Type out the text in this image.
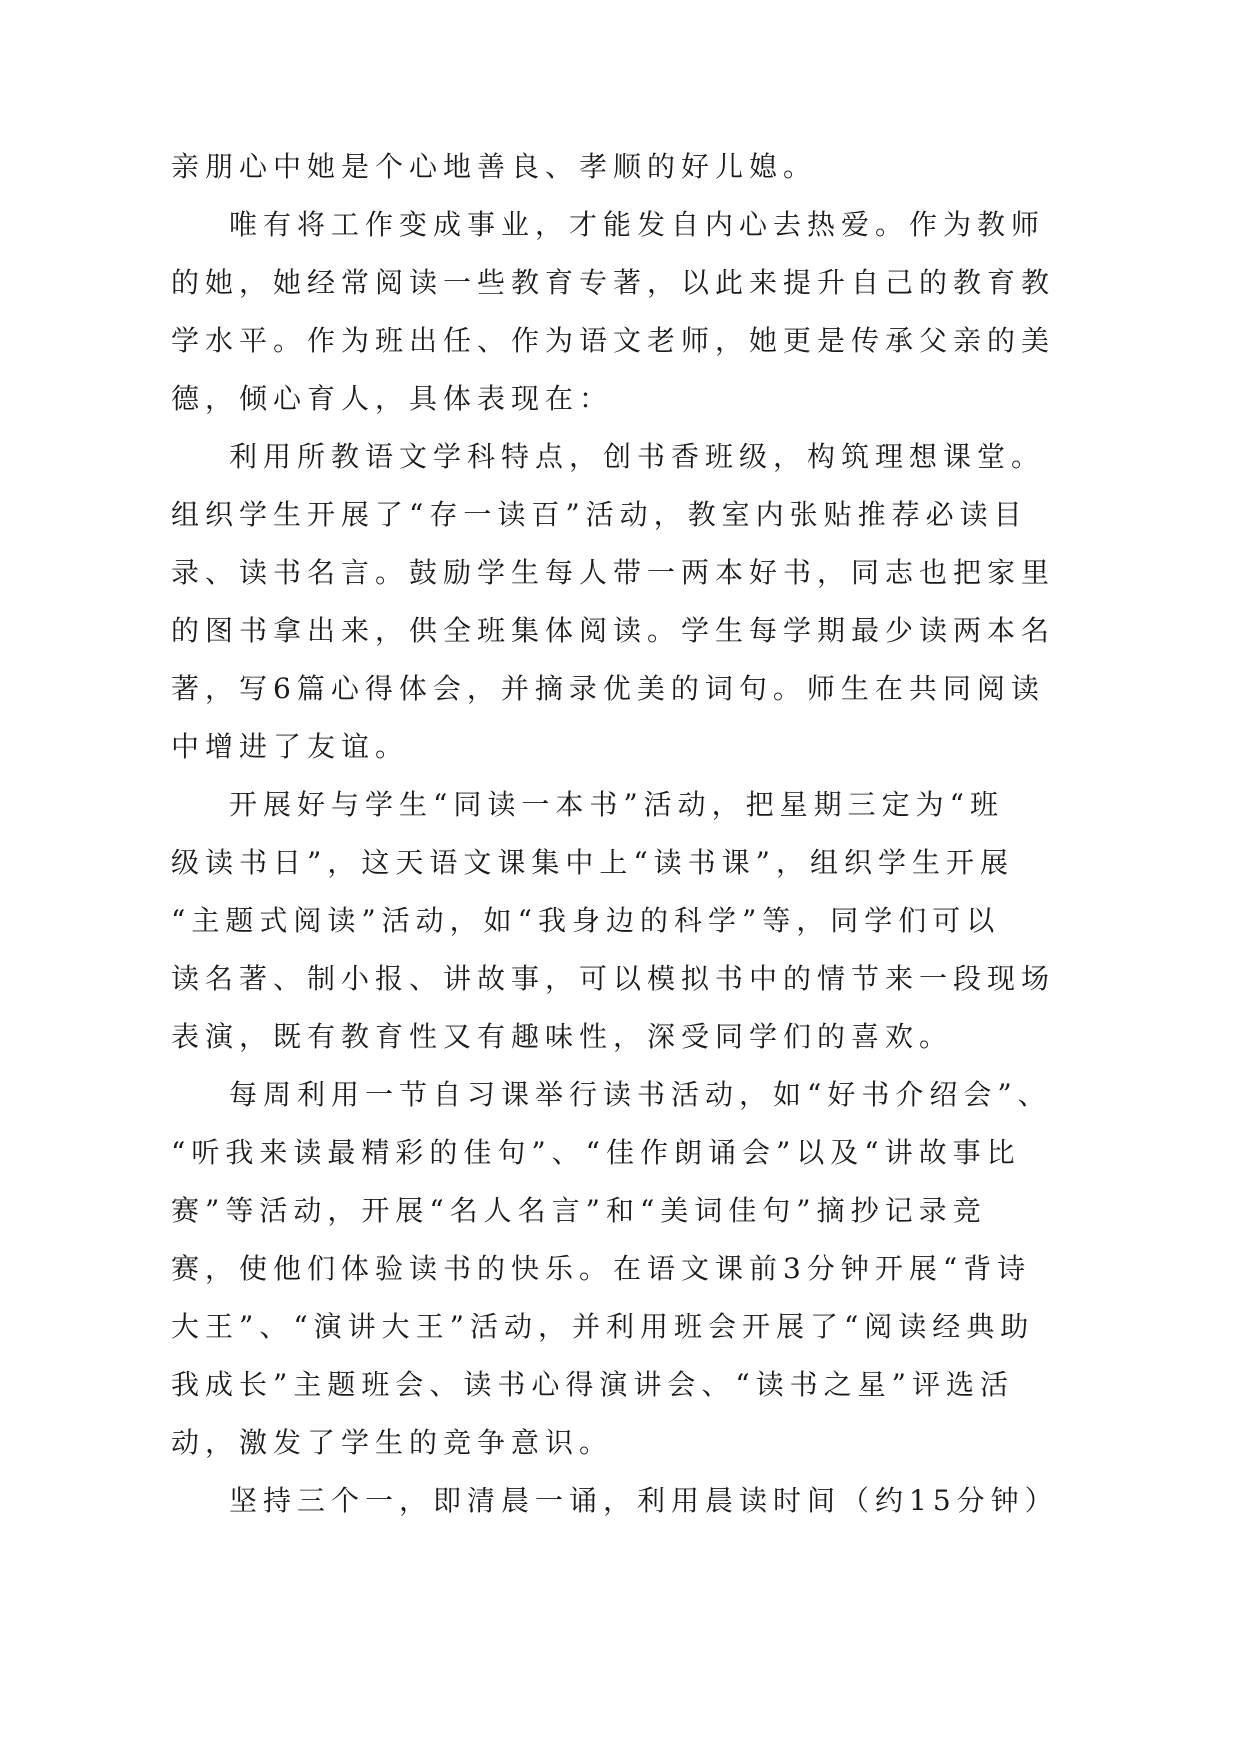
亲朋心中她是个心地善良、孝顺的好儿媳。
唯有将工作变成事业，才能发自内心去热爱。作为教师
的她，她经常阅读一些教育专著，以此来提升自己的教育教
学水平。作为班出任、作为语文老师，她更是传承父亲的美
德，倾心育人，具体表现在：
利用所教语文学科特点，创书香班级，构筑理想课堂。
组织学生开展了“存一读百”活动，教室内张贴推荐必读目
录、读书名言。鼓励学生每人带一两本好书，同志也把家里
的图书拿出来，供全班集体阅读。学生每学期最少读两本名
著，写6篇心得体会，并摘录优美的词句。师生在共同阅读
中增进了友谊。
开展好与学生“同读一本书”活动，把星期三定为“班
级读书日”，这天语文课集中上“读书课”，组织学生开展
“主题式阅读”活动，如“我身边的科学”等，同学们可以
读名著、制小报、讲故事，可以模拟书中的情节来一段现场
表演，既有教育性又有趣味性，深受同学们的喜欢。
每周利用一节自习课举行读书活动，如“好书介绍会”、
“听我来读最精彩的佳句”、“佳作朗诵会”以及“讲故事比
赛”等活动，开展“名人名言”和“美词佳句”摘抄记录竞
赛，使他们体验读书的快乐。在语文课前3分钟开展“背诗
大王”、“演讲大王”活动，并利用班会开展了“阅读经典助
我成长”主题班会、读书心得演讲会、“读书之星”评选活
动，激发了学生的竞争意识。
坚持三个一，即清晨一诵，利用晨读时间（约15分钟）
